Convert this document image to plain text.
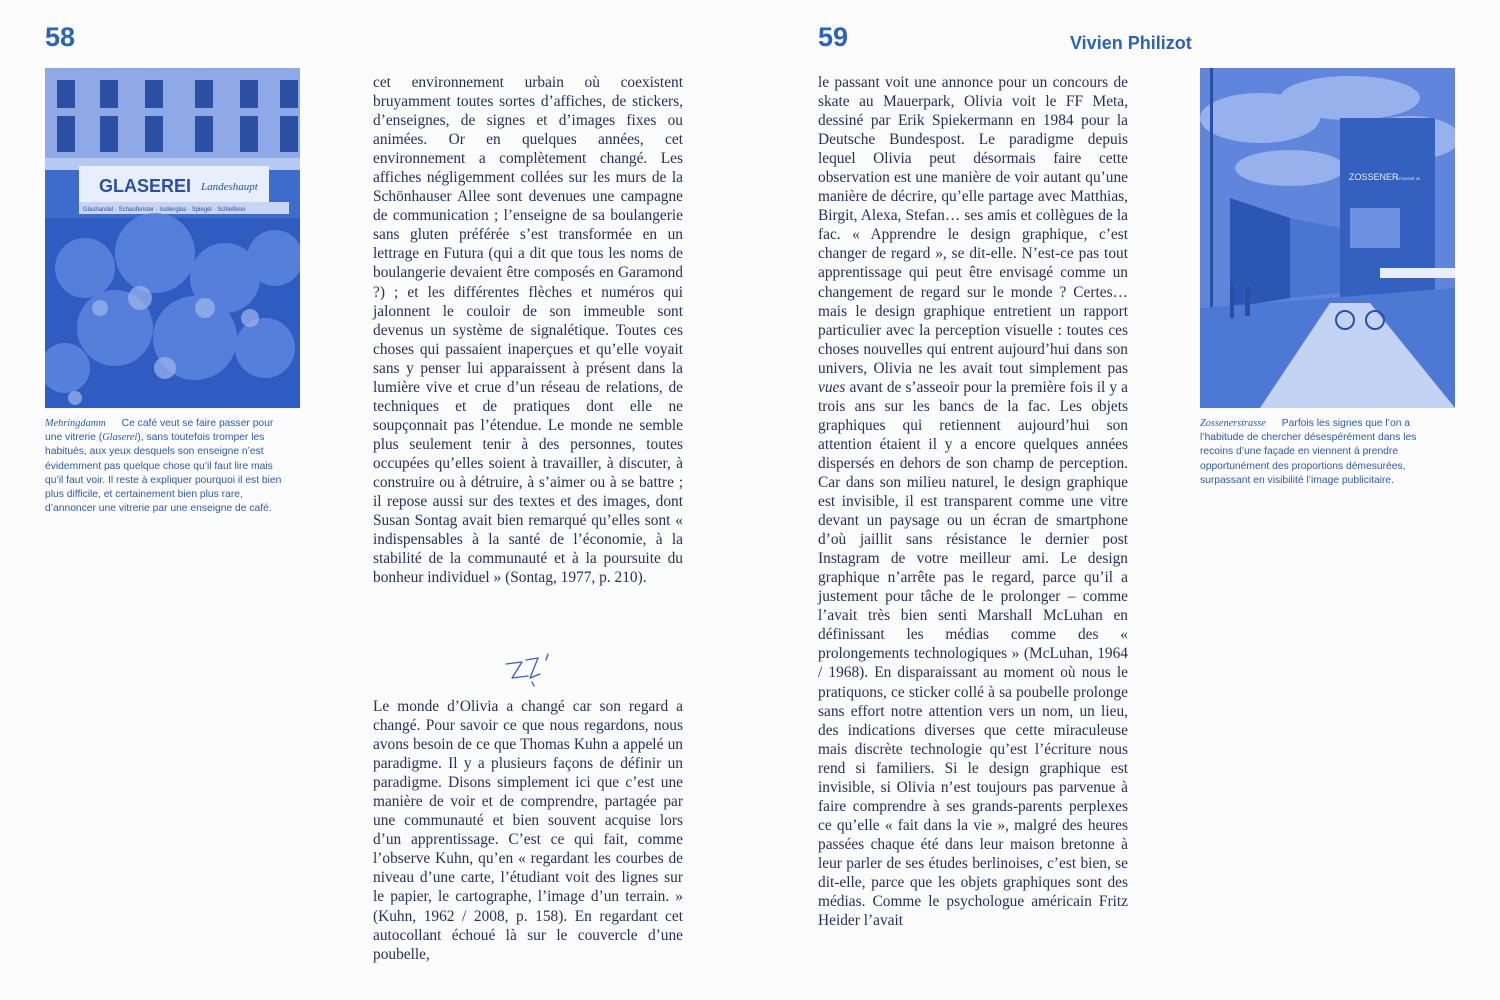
58
GLASEREI Landeshaupt
Glashandel · Schaufenster · Isolierglas · Spiegel · Schleiferei
Mehringdamm Ce café veut se faire passer pour une vitrerie (Glaserei), sans toutefois tromper les habitués, aux yeux desquels son enseigne n’est évidemment pas quelque chose qu’il faut lire mais qu’il faut voir. Il reste à expliquer pourquoi il est bien plus difficile, et certainement bien plus rare, d’annoncer une vitrerie par une enseigne de café.

cet environnement urbain où coexistent bruyamment toutes sortes d’affiches, de stickers, d’enseignes, de signes et d’images fixes ou animées. Or en quelques années, cet environnement a complètement changé. Les affiches négligemment collées sur les murs de la Schönhauser Allee sont devenues une campagne de communication ; l’enseigne de sa boulangerie sans gluten préférée s’est transformée en un lettrage en Futura (qui a dit que tous les noms de boulangerie devaient être composés en Garamond ?) ; et les différentes flèches et numéros qui jalonnent le couloir de son immeuble sont devenus un système de signalétique. Toutes ces choses qui passaient inaperçues et qu’elle voyait sans y penser lui apparaissent à présent dans la lumière vive et crue d’un réseau de relations, de techniques et de pratiques dont elle ne soupçonnait pas l’étendue. Le monde ne semble plus seulement tenir à des personnes, toutes occupées qu’elles soient à travailler, à discuter, à construire ou à détruire, à s’aimer ou à se battre ; il repose aussi sur des textes et des images, dont Susan Sontag avait bien remarqué qu’elles sont « indispensables à la santé de l’économie, à la stabilité de la communauté et à la poursuite du bonheur individuel » (Sontag, 1977, p. 210).

Le monde d’Olivia a changé car son regard a changé. Pour savoir ce que nous regardons, nous avons besoin de ce que Thomas Kuhn a appelé un paradigme. Il y a plusieurs façons de définir un paradigme. Disons simplement ici que c’est une manière de voir et de comprendre, partagée par une communauté et bien souvent acquise lors d’un apprentissage. C’est ce qui fait, comme l’observe Kuhn, qu’en « regardant les courbes de niveau d’une carte, l’étudiant voit des lignes sur le papier, le cartographe, l’image d’un terrain. » (Kuhn, 1962 / 2008, p. 158). En regardant cet autocollant échoué là sur le couvercle d’une poubelle,

59	Vivien Philizot

le passant voit une annonce pour un concours de skate au Mauerpark, Olivia voit le FF Meta, dessiné par Erik Spiekermann en 1984 pour la Deutsche Bundespost. Le paradigme depuis lequel Olivia peut désormais faire cette observation est une manière de voir autant qu’une manière de décrire, qu’elle partage avec Matthias, Birgit, Alexa, Stefan… ses amis et collègues de la fac. « Apprendre le design graphique, c’est changer de regard », se dit-elle. N’est-ce pas tout apprentissage qui peut être envisagé comme un changement de regard sur le monde ? Certes… mais le design graphique entretient un rapport particulier avec la perception visuelle : toutes ces choses nouvelles qui entrent aujourd’hui dans son univers, Olivia ne les avait tout simplement pas vues avant de s’asseoir pour la première fois il y a trois ans sur les bancs de la fac. Les objets graphiques qui retiennent aujourd’hui son attention étaient il y a encore quelques années dispersés en dehors de son champ de perception. Car dans son milieu naturel, le design graphique est invisible, il est transparent comme une vitre devant un paysage ou un écran de smartphone d’où jaillit sans résistance le dernier post Instagram de votre meilleur ami. Le design graphique n’arrête pas le regard, parce qu’il a justement pour tâche de le prolonger – comme l’avait très bien senti Marshall McLuhan en définissant les médias comme des « prolongements technologiques » (McLuhan, 1964 / 1968). En disparaissant au moment où nous le pratiquons, ce sticker collé à sa poubelle prolonge sans effort notre attention vers un nom, un lieu, des indications diverses que cette miraculeuse mais discrète technologie qu’est l’écriture nous rend si familiers. Si le design graphique est invisible, si Olivia n’est toujours pas parvenue à faire comprendre à ses grands-parents perplexes ce qu’elle « fait dans la vie », malgré des heures passées chaque été dans leur maison bretonne à leur parler de ses études berlinoises, c’est bien, se dit-elle, parce que les objets graphiques sont des médias. Comme le psychologue américain Fritz Heider l’avait

ZOSSENER
STRASSE 30
Zossenerstrasse Parfois les signes que l’on a l’habitude de chercher désespérément dans les recoins d’une façade en viennent à prendre opportunément des proportions démesurées, surpassant en visibilité l’image publicitaire.
